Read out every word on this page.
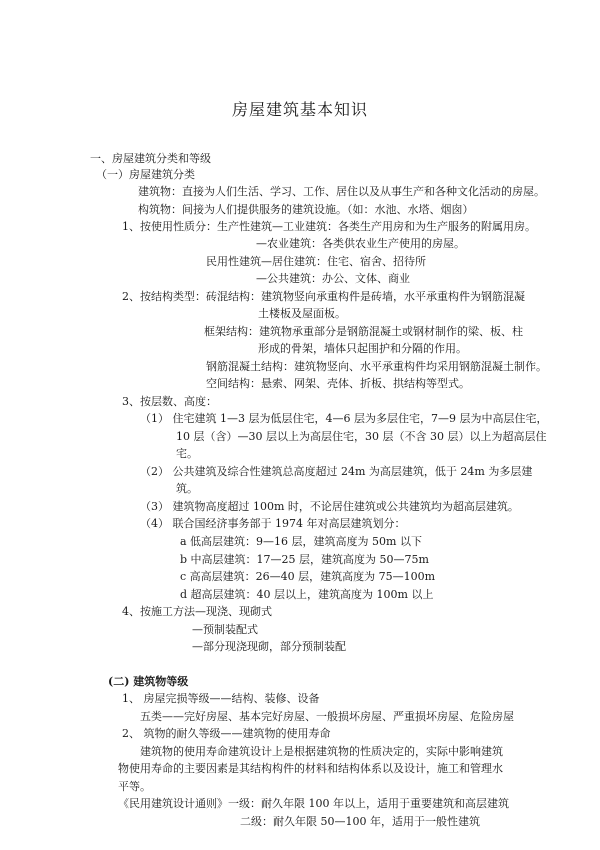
房屋建筑基本知识
一、房屋建筑分类和等级
（一）房屋建筑分类
建筑物：直接为人们生活、学习、工作、居住以及从事生产和各种文化活动的房屋。
构筑物：间接为人们提供服务的建筑设施。（如：水池、水塔、烟囱）
1、按使用性质分：生产性建筑—工业建筑：各类生产用房和为生产服务的附属用房。
—农业建筑：各类供农业生产使用的房屋。
民用性建筑—居住建筑：住宅、宿舍、招待所
—公共建筑：办公、文体、商业
2、按结构类型：砖混结构：建筑物竖向承重构件是砖墙，水平承重构件为钢筋混凝
土楼板及屋面板。
框架结构：建筑物承重部分是钢筋混凝土或钢材制作的梁、板、柱
形成的骨架，墙体只起围护和分隔的作用。
钢筋混凝土结构：建筑物竖向、水平承重构件均采用钢筋混凝土制作。
空间结构：悬索、网架、壳体、折板、拱结构等型式。
3、按层数、高度：
（1） 住宅建筑 1—3 层为低层住宅，4—6 层为多层住宅，7—9 层为中高层住宅，
10 层（含）—30 层以上为高层住宅，30 层（不含 30 层）以上为超高层住
宅。
（2） 公共建筑及综合性建筑总高度超过 24m 为高层建筑，低于 24m 为多层建
筑。
（3） 建筑物高度超过 100m 时，不论居住建筑或公共建筑均为超高层建筑。
（4） 联合国经济事务部于 1974 年对高层建筑划分：
a 低高层建筑：9—16 层，建筑高度为 50m 以下
b 中高层建筑：17—25 层，建筑高度为 50—75m
c 高高层建筑：26—40 层，建筑高度为 75—100m
d 超高层建筑：40 层以上，建筑高度为 100m 以上
4、按施工方法—现浇、现砌式
—预制装配式
—部分现浇现砌，部分预制装配
(二) 建筑物等级
1、 房屋完损等级——结构、装修、设备
五类——完好房屋、基本完好房屋、一般损坏房屋、严重损坏房屋、危险房屋
2、 筑物的耐久等级——建筑物的使用寿命
建筑物的使用寿命建筑设计上是根据建筑物的性质决定的，实际中影响建筑
物使用寿命的主要因素是其结构构件的材料和结构体系以及设计，施工和管理水
平等。
《民用建筑设计通则》一级：耐久年限 100 年以上，适用于重要建筑和高层建筑
二级：耐久年限 50—100 年，适用于一般性建筑
